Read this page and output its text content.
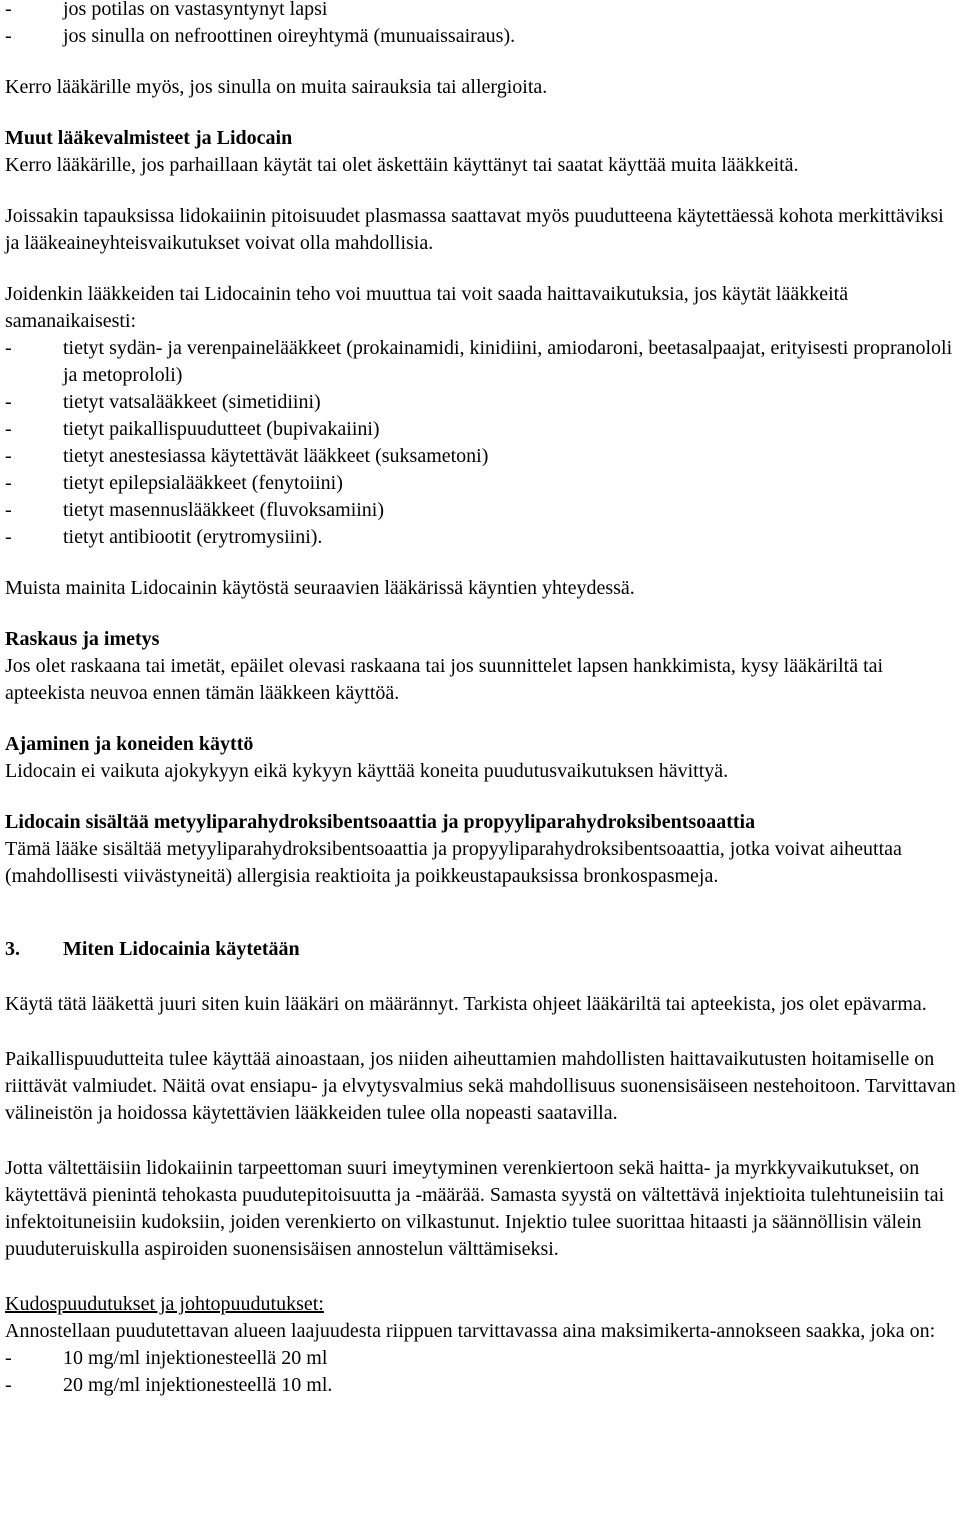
-	jos potilas on vastasyntynyt lapsi
-	jos sinulla on nefroottinen oireyhtymä (munuaissairaus).

Kerro lääkärille myös, jos sinulla on muita sairauksia tai allergioita.

Muut lääkevalmisteet ja Lidocain

Kerro lääkärille, jos parhaillaan käytät tai olet äskettäin käyttänyt tai saatat käyttää muita lääkkeitä.

Joissakin tapauksissa lidokaiinin pitoisuudet plasmassa saattavat myös puudutteena käytettäessä kohota merkittäviksi ja lääkeaineyhteisvaikutukset voivat olla mahdollisia.

Joidenkin lääkkeiden tai Lidocainin teho voi muuttua tai voit saada haittavaikutuksia, jos käytät lääkkeitä samanaikaisesti:

-	tietyt sydän- ja verenpainelääkkeet (prokainamidi, kinidiini, amiodaroni, beetasalpaajat, erityisesti propranololi ja metoprololi)
-	tietyt vatsalääkkeet (simetidiini)
-	tietyt paikallispuudutteet (bupivakaiini)
-	tietyt anestesiassa käytettävät lääkkeet (suksametoni)
-	tietyt epilepsialääkkeet (fenytoiini)
-	tietyt masennuslääkkeet (fluvoksamiini)
-	tietyt antibiootit (erytromysiini).

Muista mainita Lidocainin käytöstä seuraavien lääkärissä käyntien yhteydessä.

Raskaus ja imetys

Jos olet raskaana tai imetät, epäilet olevasi raskaana tai jos suunnittelet lapsen hankkimista, kysy lääkäriltä tai apteekista neuvoa ennen tämän lääkkeen käyttöä.

Ajaminen ja koneiden käyttö

Lidocain ei vaikuta ajokykyyn eikä kykyyn käyttää koneita puudutusvaikutuksen hävittyä.

Lidocain sisältää metyyliparahydroksibentsoaattia ja propyyliparahydroksibentsoaattia

Tämä lääke sisältää metyyliparahydroksibentsoaattia ja propyyliparahydroksibentsoaattia, jotka voivat aiheuttaa (mahdollisesti viivästyneitä) allergisia reaktioita ja poikkeustapauksissa bronkospasmeja.

3.	Miten Lidocainia käytetään

Käytä tätä lääkettä juuri siten kuin lääkäri on määrännyt. Tarkista ohjeet lääkäriltä tai apteekista, jos olet epävarma.

Paikallispuudutteita tulee käyttää ainoastaan, jos niiden aiheuttamien mahdollisten haittavaikutusten hoitamiselle on riittävät valmiudet. Näitä ovat ensiapu- ja elvytysvalmius sekä mahdollisuus suonensisäiseen nestehoitoon. Tarvittavan välineistön ja hoidossa käytettävien lääkkeiden tulee olla nopeasti saatavilla.

Jotta vältettäisiin lidokaiinin tarpeettoman suuri imeytyminen verenkiertoon sekä haitta- ja myrkkyvaikutukset, on käytettävä pienintä tehokasta puudutepitoisuutta ja -määrää. Samasta syystä on vältettävä injektioita tulehtuneisiin tai infektoituneisiin kudoksiin, joiden verenkierto on vilkastunut. Injektio tulee suorittaa hitaasti ja säännöllisin välein puuduteruiskulla aspiroiden suonensisäisen annostelun välttämiseksi.

Kudospuudutukset ja johtopuudutukset:

Annostellaan puudutettavan alueen laajuudesta riippuen tarvittavassa aina maksimikerta-annokseen saakka, joka on:

-	10 mg/ml injektionesteellä 20 ml
-	20 mg/ml injektionesteellä 10 ml.
